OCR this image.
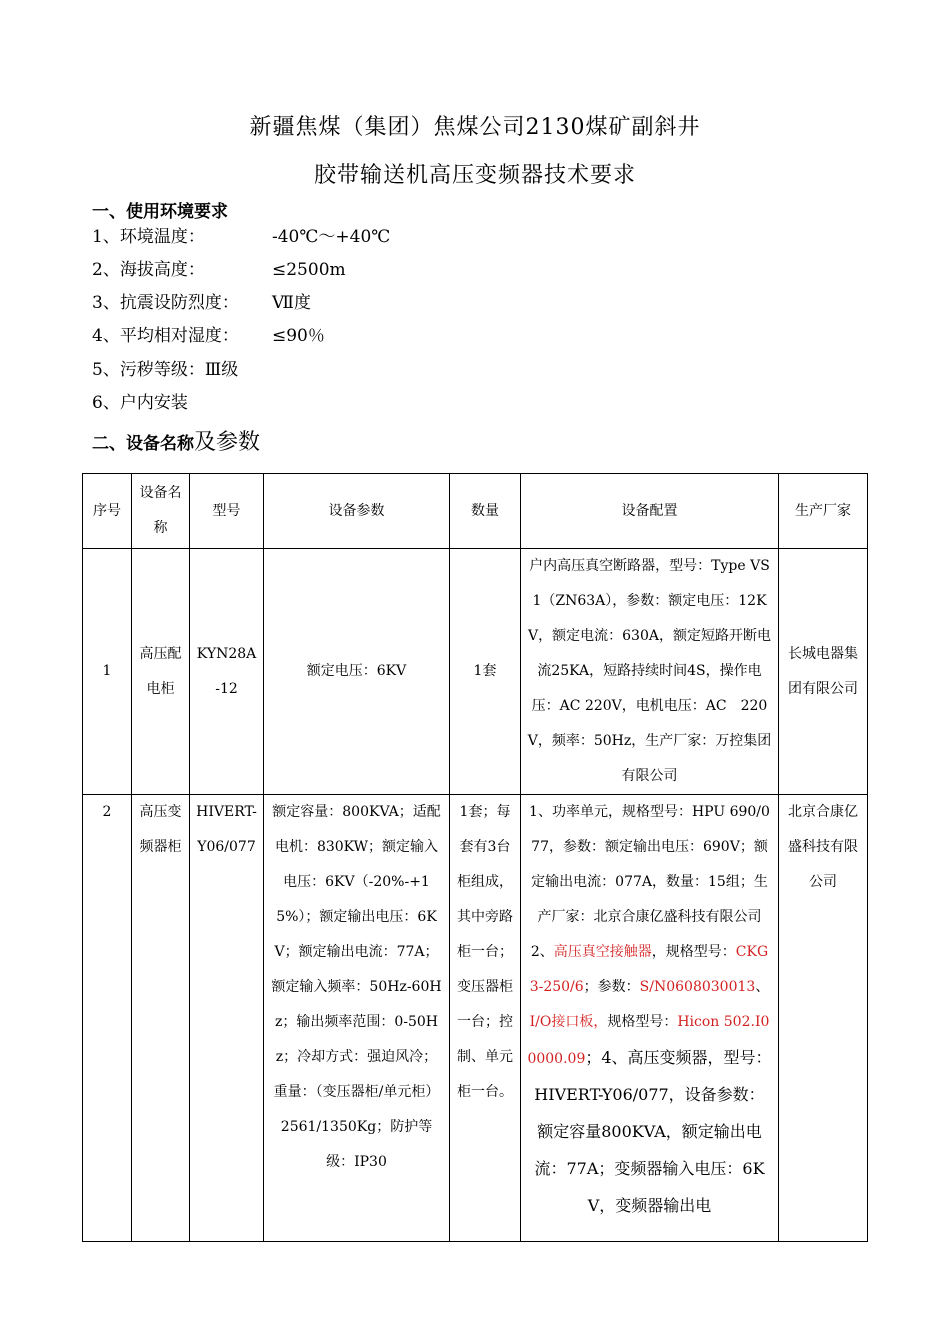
新疆焦煤（集团）焦煤公司2130煤矿副斜井
胶带输送机高压变频器技术要求
一、使用环境要求
1、环境温度：	-40℃～+40℃
2、海拔高度：	≤2500m
3、抗震设防烈度： Ⅶ度
4、平均相对湿度： ≤90％
5、污秽等级：Ⅲ级
6、户内安装
二、设备名称及参数
序号	设备名称	型号	设备参数	数量	设备配置	生产厂家
1	高压配电柜	KYN28A-12	额定电压：6KV	1套	户内高压真空断路器，型号：Type VS1（ZN63A），参数：额定电压：12KV，额定电流：630A，额定短路开断电流25KA，短路持续时间4S，操作电压：AC 220V，电机电压：AC　220V，频率：50Hz，生产厂家：万控集团有限公司	长城电器集团有限公司
2	高压变频器柜	HIVERT-Y06/077	额定容量：800KVA；适配电机：830KW；额定输入电压：6KV（-20%-+15%）；额定输出电压：6KV；额定输出电流：77A；额定输入频率：50Hz-60Hz；输出频率范围：0-50Hz；冷却方式：强迫风冷；重量：（变压器柜/单元柜）2561/1350Kg；防护等级：IP30	1套；每套有3台柜组成，其中旁路柜一台；变压器柜一台；控制、单元柜一台。	1、功率单元，规格型号：HPU 690/077，参数：额定输出电压：690V；额定输出电流：077A，数量：15组；生产厂家：北京合康亿盛科技有限公司2、高压真空接触器，规格型号：CKG3-250/6；参数：S/N0608030013、I/O接口板，规格型号：Hicon 502.I00000.09；4、高压变频器，型号：HIVERT-Y06/077，设备参数：额定容量800KVA，额定输出电流：77A；变频器输入电压：6KV，变频器输出电	北京合康亿盛科技有限公司
